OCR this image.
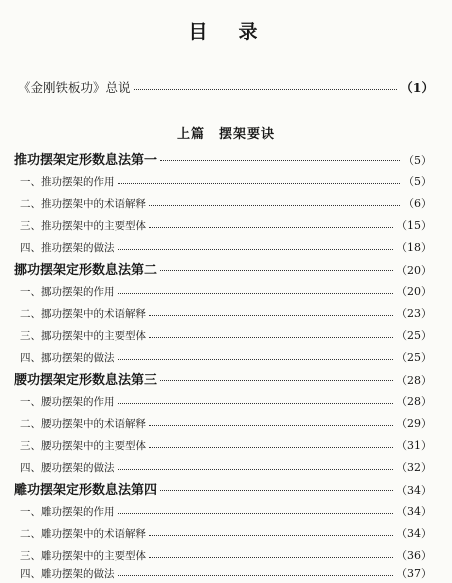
目　录
《金刚铁板功》总说	（1）
上篇　摆架要诀
推功摆架定形数息法第一	（5）
一、推功摆架的作用	（5）
二、推功摆架中的术语解释	（6）
三、推功摆架中的主要型体	（15）
四、推功摆架的做法	（18）
挪功摆架定形数息法第二	（20）
一、挪功摆架的作用	（20）
二、挪功摆架中的术语解释	（23）
三、挪功摆架中的主要型体	（25）
四、挪功摆架的做法	（25）
腰功摆架定形数息法第三	（28）
一、腰功摆架的作用	（28）
二、腰功摆架中的术语解释	（29）
三、腰功摆架中的主要型体	（31）
四、腰功摆架的做法	（32）
雕功摆架定形数息法第四	（34）
一、雕功摆架的作用	（34）
二、雕功摆架中的术语解释	（34）
三、雕功摆架中的主要型体	（36）
四、雕功摆架的做法	（37）
